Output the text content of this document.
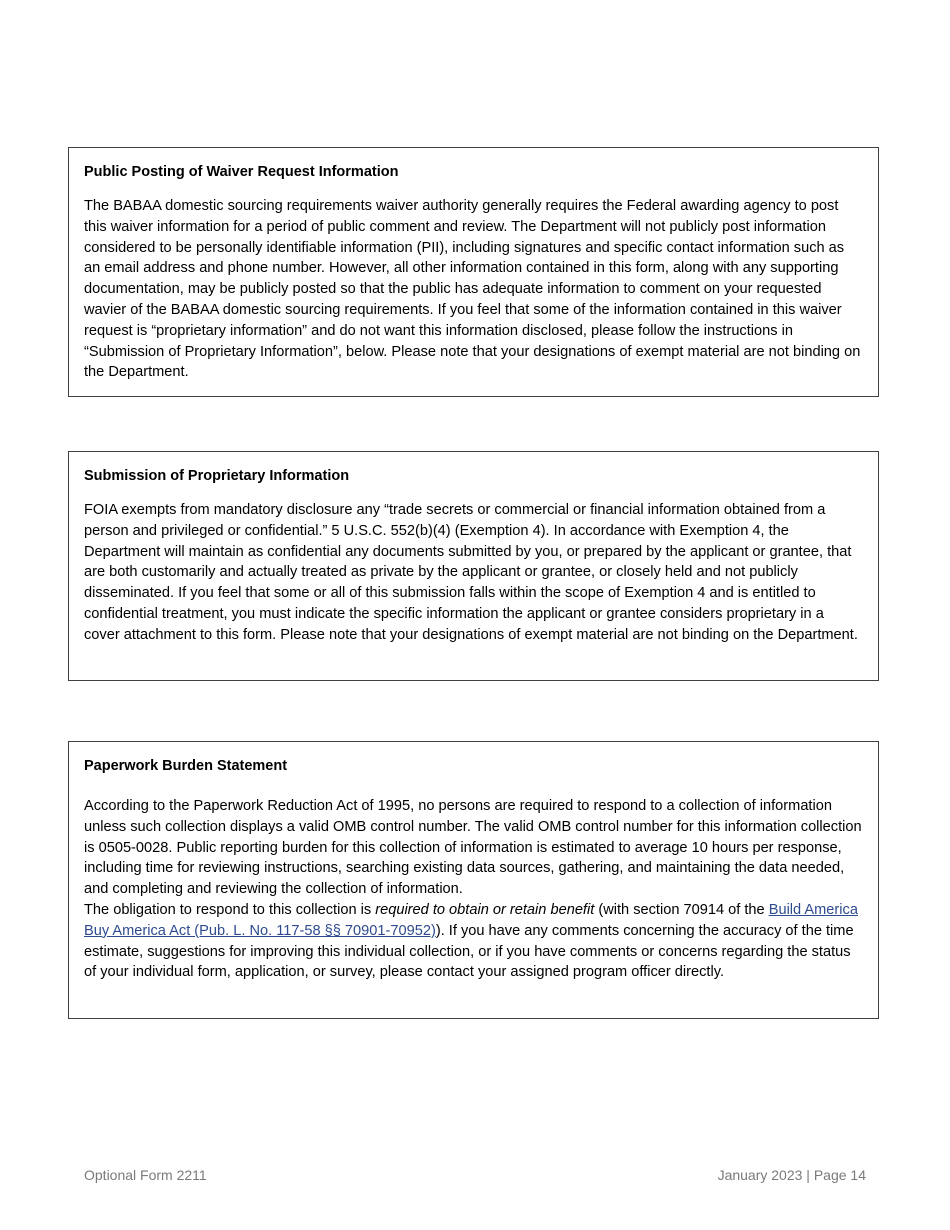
Public Posting of Waiver Request Information

The BABAA domestic sourcing requirements waiver authority generally requires the Federal awarding agency to post this waiver information for a period of public comment and review. The Department will not publicly post information considered to be personally identifiable information (PII), including signatures and specific contact information such as an email address and phone number. However, all other information contained in this form, along with any supporting documentation, may be publicly posted so that the public has adequate information to comment on your requested wavier of the BABAA domestic sourcing requirements. If you feel that some of the information contained in this waiver request is “proprietary information” and do not want this information disclosed, please follow the instructions in “Submission of Proprietary Information”, below. Please note that your designations of exempt material are not binding on the Department.

Submission of Proprietary Information

FOIA exempts from mandatory disclosure any “trade secrets or commercial or financial information obtained from a person and privileged or confidential.” 5 U.S.C. 552(b)(4) (Exemption 4). In accordance with Exemption 4, the Department will maintain as confidential any documents submitted by you, or prepared by the applicant or grantee, that are both customarily and actually treated as private by the applicant or grantee, or closely held and not publicly disseminated. If you feel that some or all of this submission falls within the scope of Exemption 4 and is entitled to confidential treatment, you must indicate the specific information the applicant or grantee considers proprietary in a cover attachment to this form. Please note that your designations of exempt material are not binding on the Department.

Paperwork Burden Statement

According to the Paperwork Reduction Act of 1995, no persons are required to respond to a collection of information unless such collection displays a valid OMB control number. The valid OMB control number for this information collection is 0505-0028. Public reporting burden for this collection of information is estimated to average 10 hours per response, including time for reviewing instructions, searching existing data sources, gathering, and maintaining the data needed, and completing and reviewing the collection of information.
The obligation to respond to this collection is required to obtain or retain benefit (with section 70914 of the Build America Buy America Act (Pub. L. No. 117-58 §§ 70901-70952)). If you have any comments concerning the accuracy of the time estimate, suggestions for improving this individual collection, or if you have comments or concerns regarding the status of your individual form, application, or survey, please contact your assigned program officer directly.

Optional Form 2211	January 2023 | Page 14
